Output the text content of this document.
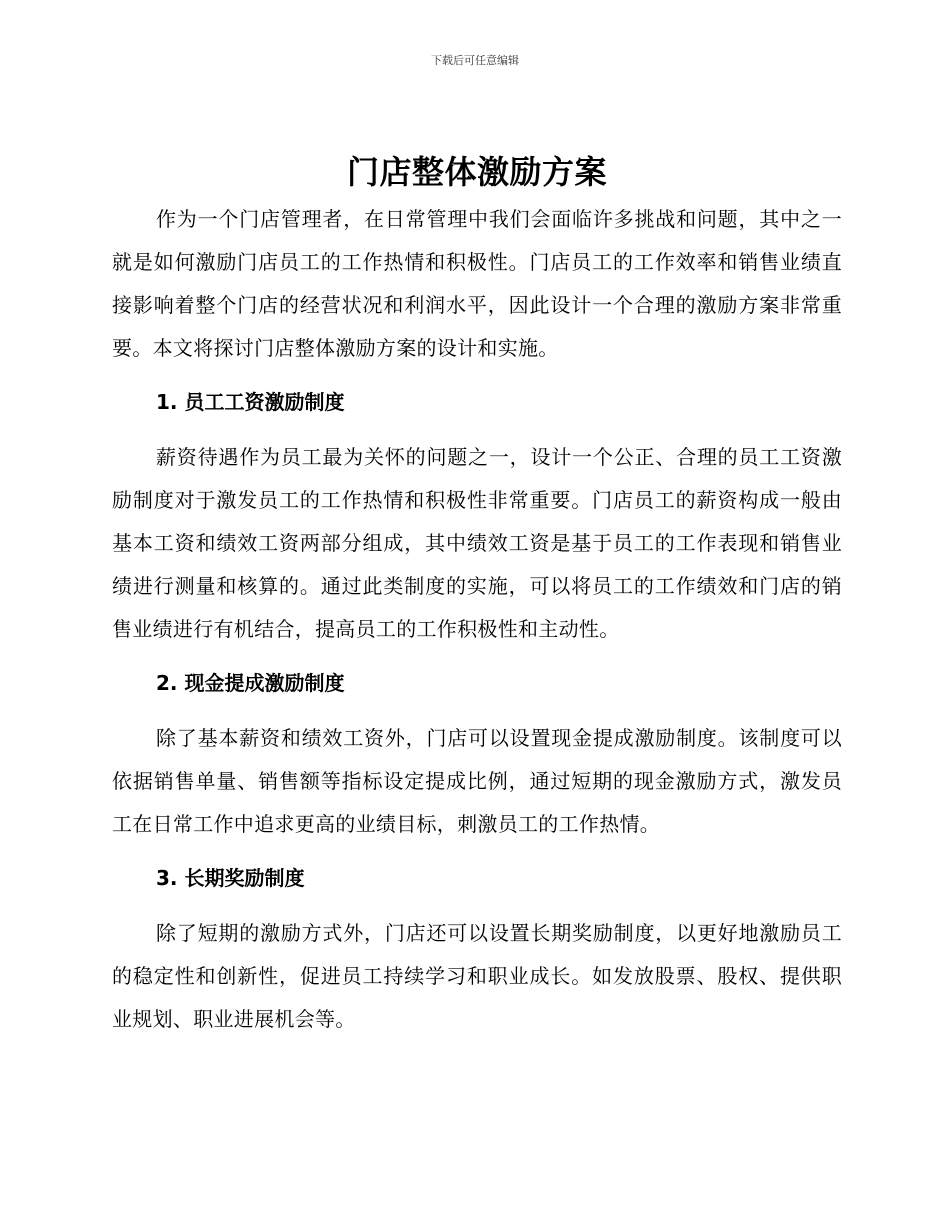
下载后可任意编辑
门店整体激励方案

作为一个门店管理者，在日常管理中我们会面临许多挑战和问题，其中之一就是如何激励门店员工的工作热情和积极性。门店员工的工作效率和销售业绩直接影响着整个门店的经营状况和利润水平，因此设计一个合理的激励方案非常重要。本文将探讨门店整体激励方案的设计和实施。

1. 员工工资激励制度

薪资待遇作为员工最为关怀的问题之一，设计一个公正、合理的员工工资激励制度对于激发员工的工作热情和积极性非常重要。门店员工的薪资构成一般由基本工资和绩效工资两部分组成，其中绩效工资是基于员工的工作表现和销售业绩进行测量和核算的。通过此类制度的实施，可以将员工的工作绩效和门店的销售业绩进行有机结合，提高员工的工作积极性和主动性。

2. 现金提成激励制度

除了基本薪资和绩效工资外，门店可以设置现金提成激励制度。该制度可以依据销售单量、销售额等指标设定提成比例，通过短期的现金激励方式，激发员工在日常工作中追求更高的业绩目标，刺激员工的工作热情。

3. 长期奖励制度

除了短期的激励方式外，门店还可以设置长期奖励制度，以更好地激励员工的稳定性和创新性，促进员工持续学习和职业成长。如发放股票、股权、提供职业规划、职业进展机会等。
